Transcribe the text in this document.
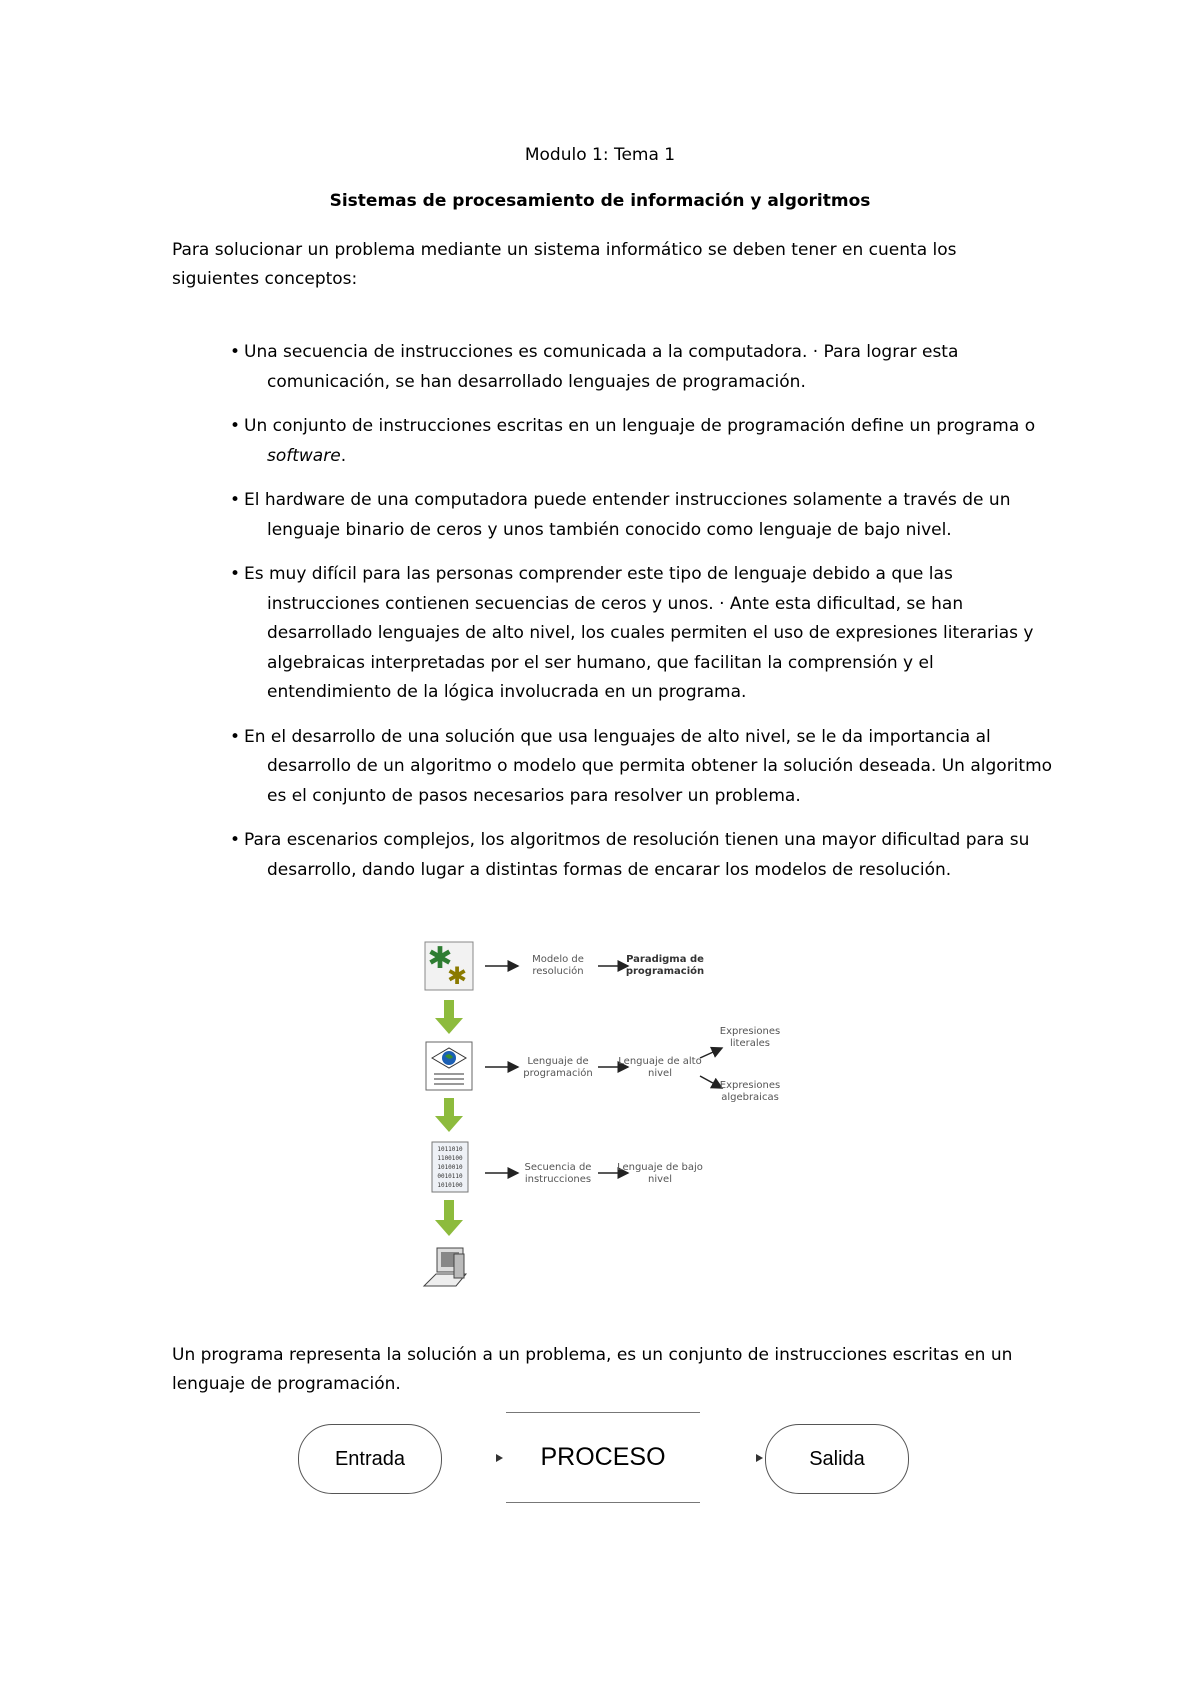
Modulo 1: Tema 1
Sistemas de procesamiento de información y algoritmos

Para solucionar un problema mediante un sistema informático se deben tener en cuenta los siguientes conceptos:

• Una secuencia de instrucciones es comunicada a la computadora. · Para lograr esta comunicación, se han desarrollado lenguajes de programación.
• Un conjunto de instrucciones escritas en un lenguaje de programación define un programa o software.
• El hardware de una computadora puede entender instrucciones solamente a través de un lenguaje binario de ceros y unos también conocido como lenguaje de bajo nivel.
• Es muy difícil para las personas comprender este tipo de lenguaje debido a que las instrucciones contienen secuencias de ceros y unos. · Ante esta dificultad, se han desarrollado lenguajes de alto nivel, los cuales permiten el uso de expresiones literarias y algebraicas interpretadas por el ser humano, que facilitan la comprensión y el entendimiento de la lógica involucrada en un programa.
• En el desarrollo de una solución que usa lenguajes de alto nivel, se le da importancia al desarrollo de un algoritmo o modelo que permita obtener la solución deseada. Un algoritmo es el conjunto de pasos necesarios para resolver un problema.
• Para escenarios complejos, los algoritmos de resolución tienen una mayor dificultad para su desarrollo, dando lugar a distintas formas de encarar los modelos de resolución.
✱
✱
1011010
1100100
1010010
0010110
1010100
Modelo de resolución
Paradigma de programación
Lenguaje de programación
Lenguaje de alto nivel
Expresiones literales
Expresiones algebraicas
Secuencia de instrucciones
Lenguaje de bajo nivel

Un programa representa la solución a un problema, es un conjunto de instrucciones escritas en un lenguaje de programación.

Entrada	PROCESO	Salida
